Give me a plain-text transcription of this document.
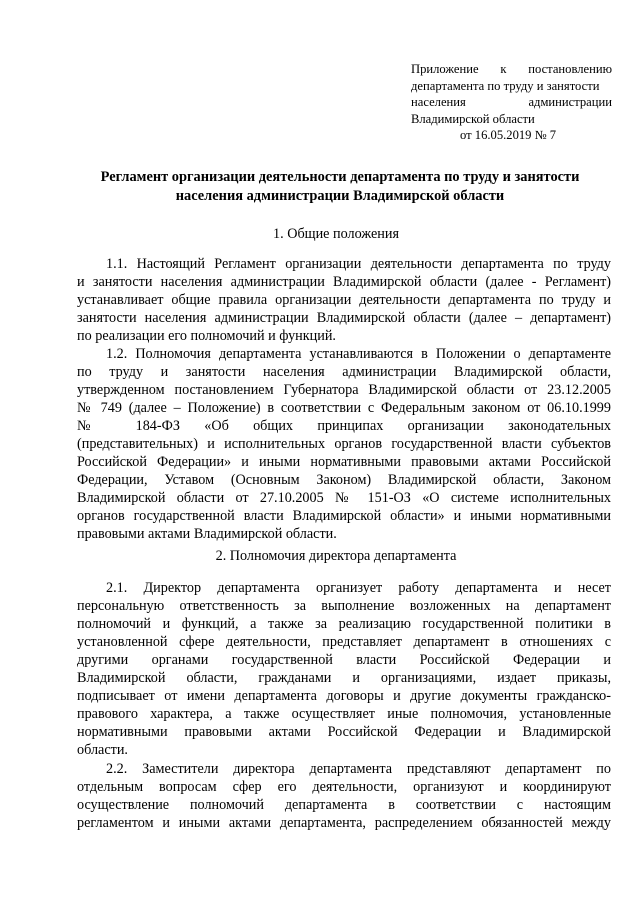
Приложение к постановлению
департамента по труду и занятости
населения администрации
Владимирской области
от 16.05.2019 № 7
Регламент организации деятельности департамента по труду и занятости
населения администрации Владимирской области
1. Общие положения
1.1. Настоящий Регламент организации деятельности департамента по труду
и занятости населения администрации Владимирской области (далее - Регламент)
устанавливает общие правила организации деятельности департамента по труду и
занятости населения администрации Владимирской области (далее – департамент)
по реализации его полномочий и функций.
1.2. Полномочия департамента устанавливаются в Положении о департаменте
по труду и занятости населения администрации Владимирской области,
утвержденном постановлением Губернатора Владимирской области от 23.12.2005
№ 749 (далее – Положение) в соответствии с Федеральным законом от 06.10.1999
№ 184-ФЗ «Об общих принципах организации законодательных
(представительных) и исполнительных органов государственной власти субъектов
Российской Федерации» и иными нормативными правовыми актами Российской
Федерации, Уставом (Основным Законом) Владимирской области, Законом
Владимирской области от 27.10.2005 № 151-ОЗ «О системе исполнительных
органов государственной власти Владимирской области» и иными нормативными
правовыми актами Владимирской области.
2. Полномочия директора департамента
2.1. Директор департамента организует работу департамента и несет
персональную ответственность за выполнение возложенных на департамент
полномочий и функций, а также за реализацию государственной политики в
установленной сфере деятельности, представляет департамент в отношениях с
другими органами государственной власти Российской Федерации и
Владимирской области, гражданами и организациями, издает приказы,
подписывает от имени департамента договоры и другие документы гражданско-
правового характера, а также осуществляет иные полномочия, установленные
нормативными правовыми актами Российской Федерации и Владимирской
области.
2.2. Заместители директора департамента представляют департамент по
отдельным вопросам сфер его деятельности, организуют и координируют
осуществление полномочий департамента в соответствии с настоящим
регламентом и иными актами департамента, распределением обязанностей между
